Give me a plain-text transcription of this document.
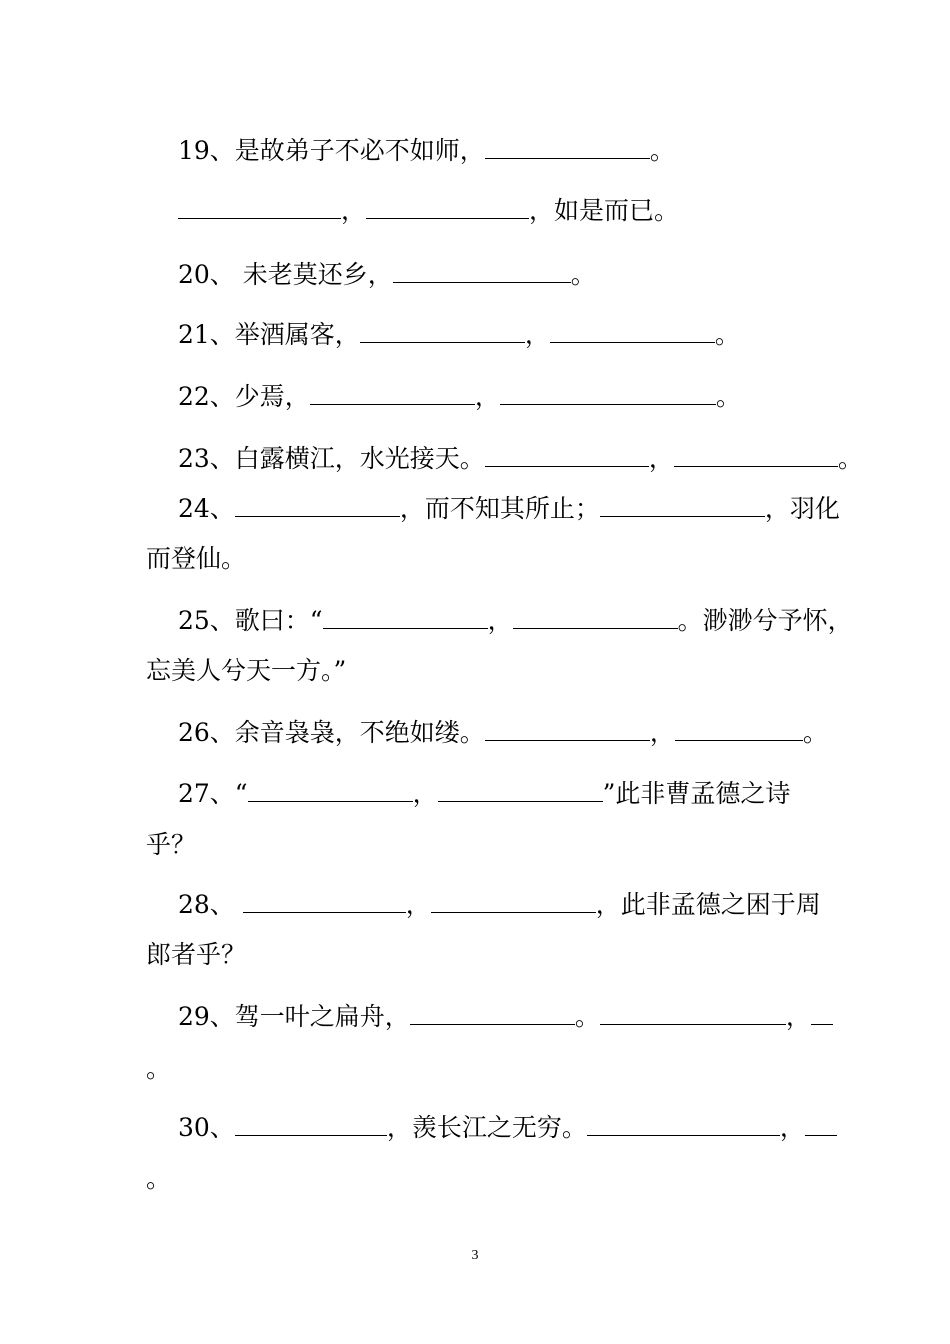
19、是故弟子不必不如师，	。
，	，如是而已。
20、 未老莫还乡，	。
21、举酒属客，	，	。
22、少焉，	，	。
23、白露横江，水光接天。	，	。
24、	，而不知其所止；	，羽化
而登仙。
25、歌曰：“	，	。渺渺兮予怀，
忘美人兮天一方。”
26、余音袅袅，不绝如缕。	，	。
27、“	，	”此非曹孟德之诗
乎？
28、	，	，此非孟德之困于周
郎者乎？
29、驾一叶之扁舟，	。	，
。
30、	，羡长江之无穷。	，
。
3
